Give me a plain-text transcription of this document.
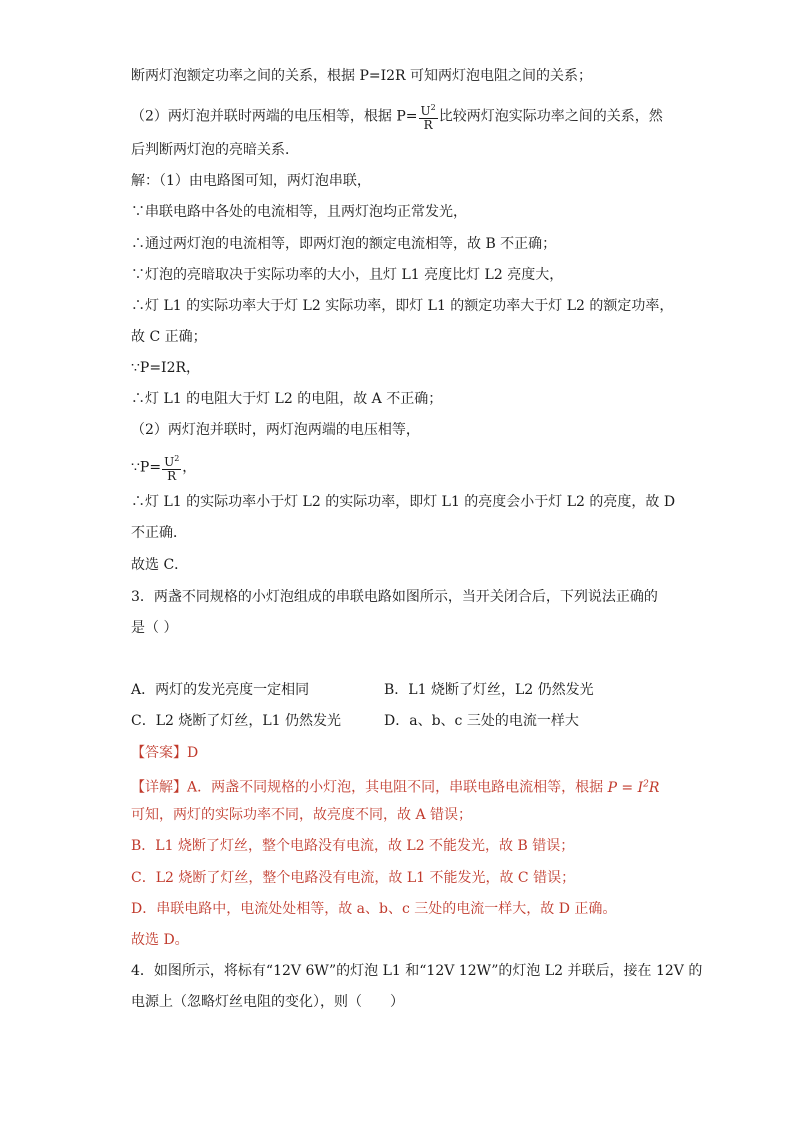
断两灯泡额定功率之间的关系，根据 P=I2R 可知两灯泡电阻之间的关系；
（2）两灯泡并联时两端的电压相等，根据 $P= \frac{U^2}{R}$ 比较两灯泡实际功率之间的关系，然
后判断两灯泡的亮暗关系．
解：（1）由电路图可知，两灯泡串联，
∵串联电路中各处的电流相等，且两灯泡均正常发光，
∴通过两灯泡的电流相等，即两灯泡的额定电流相等，故 B 不正确；
∵灯泡的亮暗取决于实际功率的大小，且灯 L1 亮度比灯 L2 亮度大，
∴灯 L1 的实际功率大于灯 L2 实际功率，即灯 L1 的额定功率大于灯 L2 的额定功率，
故 C 正确；
∵P=I2R，
∴灯 L1 的电阻大于灯 L2 的电阻，故 A 不正确；
（2）两灯泡并联时，两灯泡两端的电压相等，
∵P= $\frac{U^2}{R}$ ，
∴灯 L1 的实际功率小于灯 L2 的实际功率，即灯 L1 的亮度会小于灯 L2 的亮度，故 D
不正确．
故选 C．
3．两盏不同规格的小灯泡组成的串联电路如图所示，当开关闭合后，下列说法正确的
是（ ）
A．两灯的发光亮度一定相同	B．L1 烧断了灯丝，L2 仍然发光
C．L2 烧断了灯丝，L1 仍然发光	D．a、b、c 三处的电流一样大
【答案】D
【详解】A．两盏不同规格的小灯泡，其电阻不同，串联电路电流相等，根据 $P = I^2R$
可知，两灯的实际功率不同，故亮度不同，故 A 错误；
B．L1 烧断了灯丝，整个电路没有电流，故 L2 不能发光，故 B 错误；
C．L2 烧断了灯丝，整个电路没有电流，故 L1 不能发光，故 C 错误；
D．串联电路中，电流处处相等，故 a、b、c 三处的电流一样大，故 D 正确。
故选 D。
4．如图所示，将标有“12V 6W”的灯泡 L1 和“12V 12W”的灯泡 L2 并联后，接在 12V 的
电源上（忽略灯丝电阻的变化），则（　　）
